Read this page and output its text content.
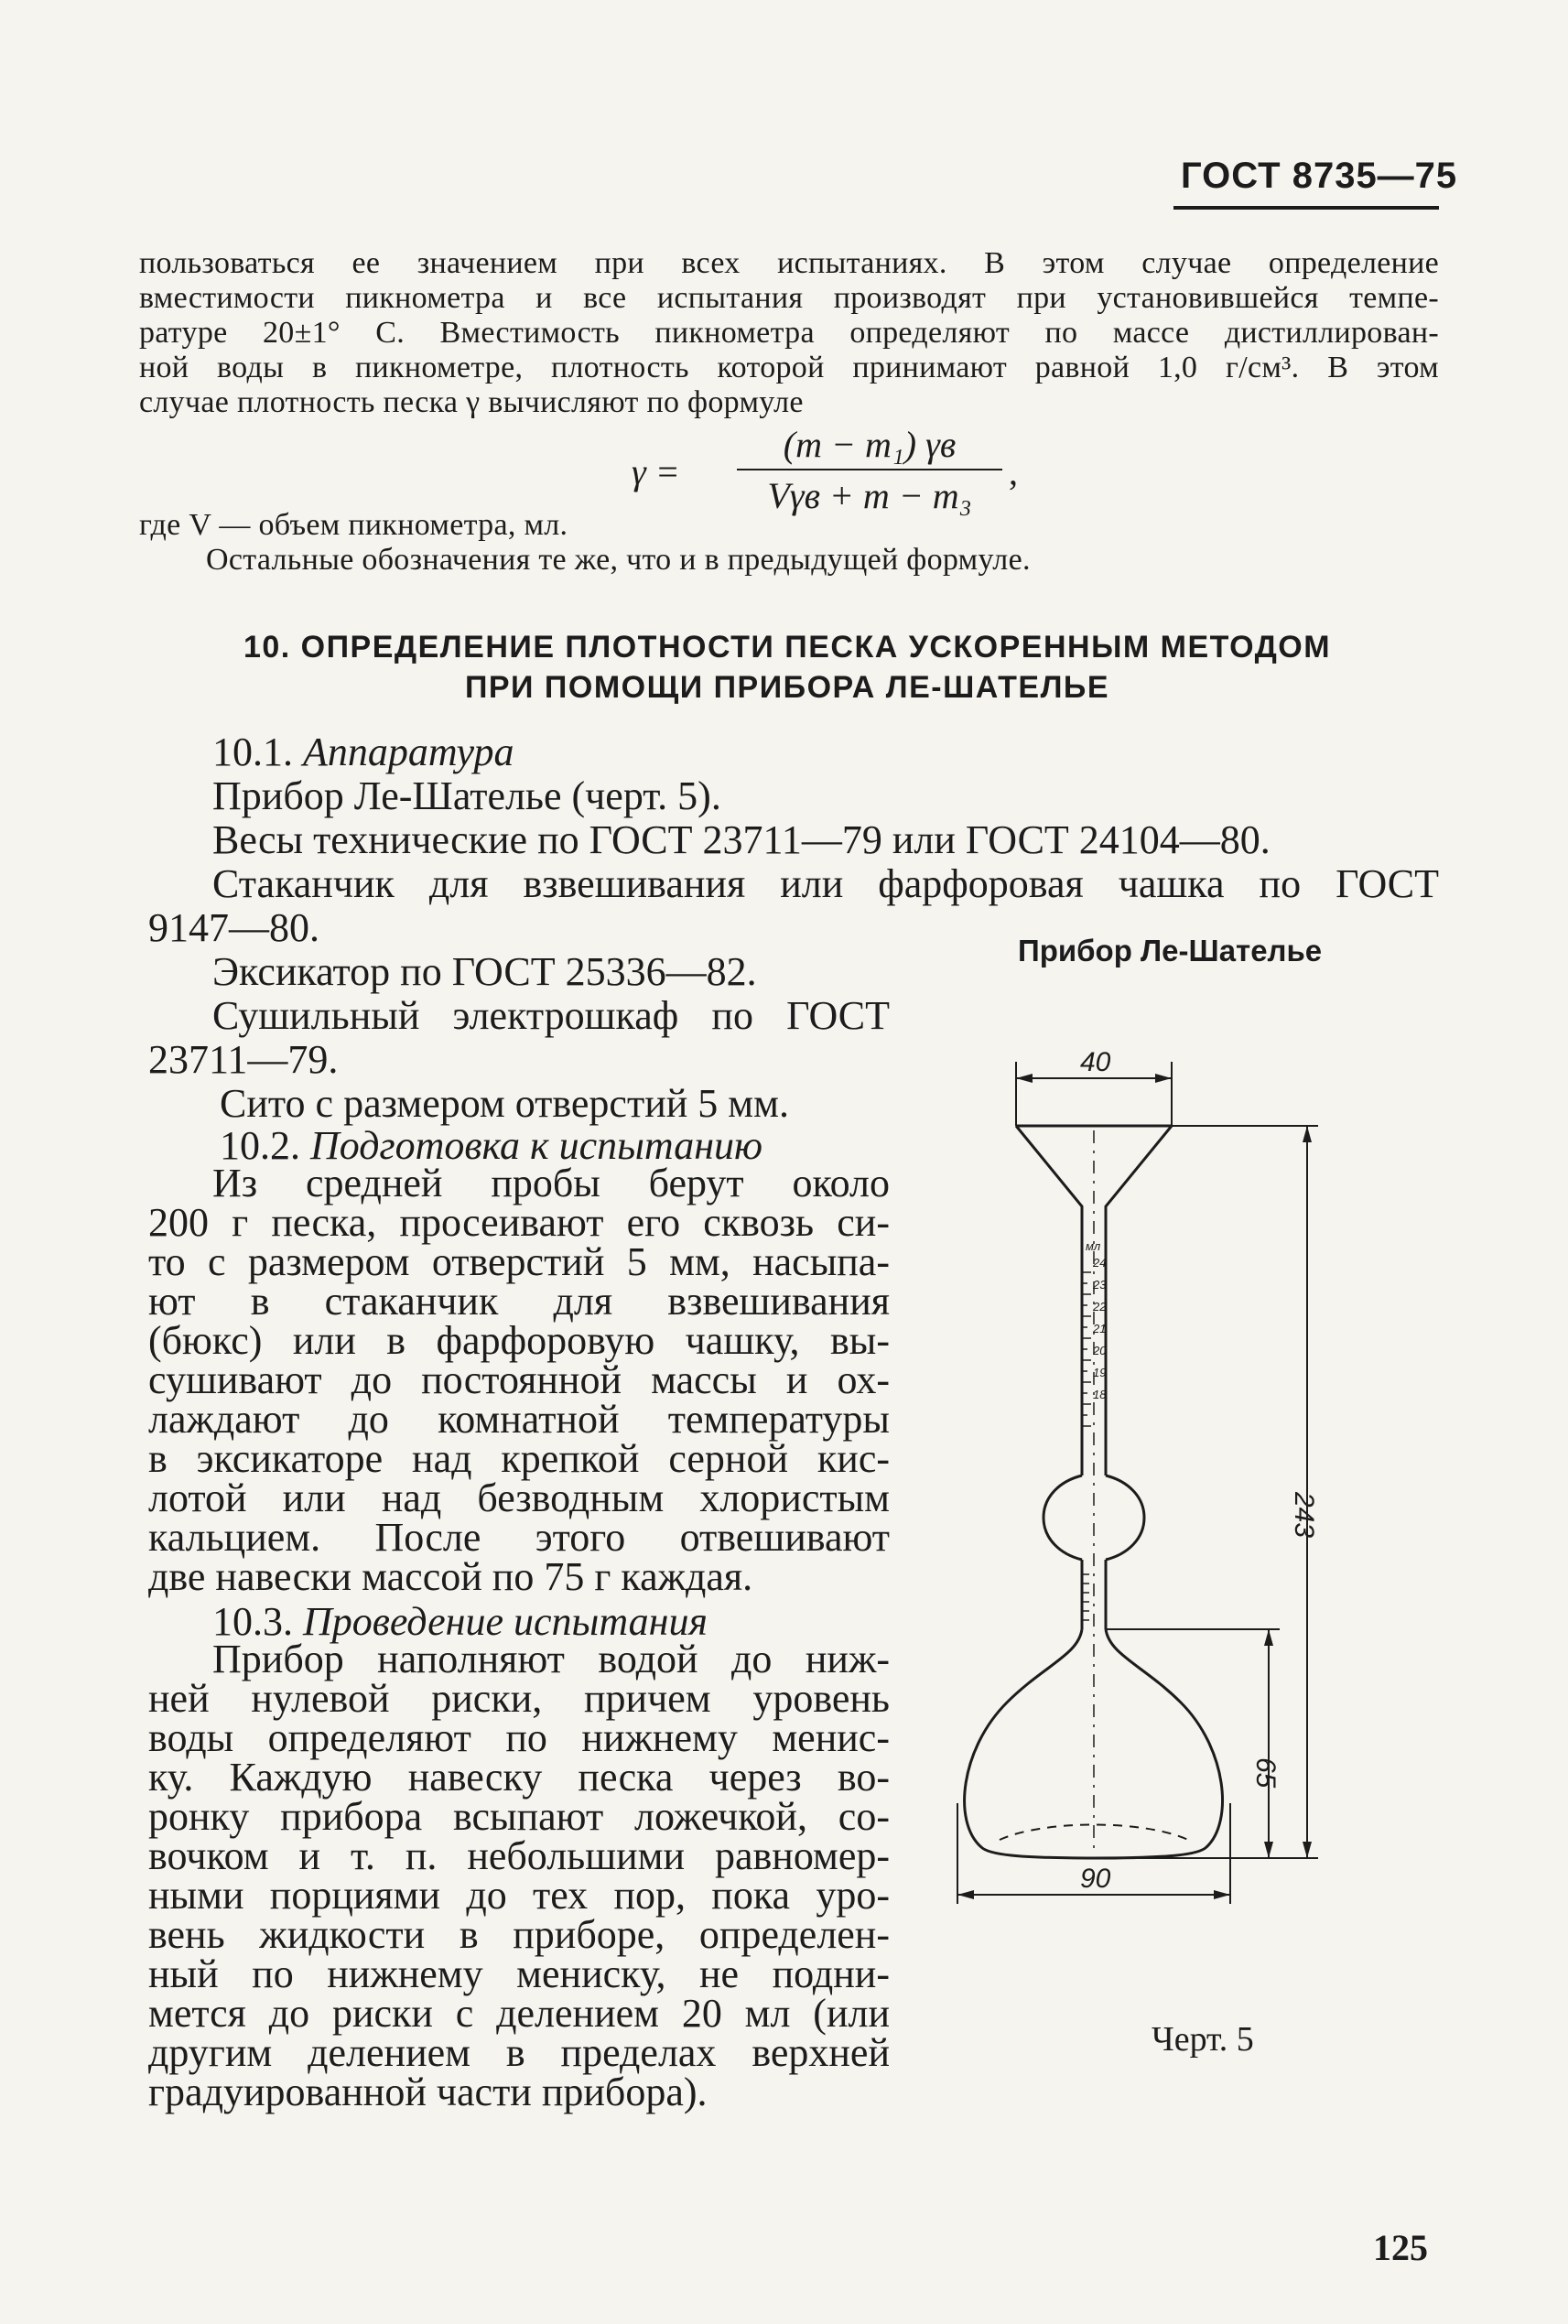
ГОСТ 8735—75
пользоваться ее значением при всех испытаниях. В этом случае определение
вместимости пикнометра и все испытания производят при установившейся темпе-
ратуре 20±1° С. Вместимость пикнометра определяют по массе дистиллирован-
ной воды в пикнометре, плотность которой принимают равной 1,0 г/см³. В этом
случае плотность песка γ вычисляют по формуле
γ =
(m − m₁) γв
Vγв + m − m₃
,
где V — объем пикнометра, мл.
Остальные обозначения те же, что и в предыдущей формуле.
10. ОПРЕДЕЛЕНИЕ ПЛОТНОСТИ ПЕСКА УСКОРЕННЫМ МЕТОДОМ
ПРИ ПОМОЩИ ПРИБОРА ЛЕ-ШАТЕЛЬЕ
10.1. Аппаратура
Прибор Ле-Шателье (черт. 5).
Весы технические по ГОСТ 23711—79 или ГОСТ 24104—80.
Стаканчик для взвешивания или фарфоровая чашка по ГОСТ
9147—80.
Эксикатор по ГОСТ 25336—82.
Сушильный электрошкаф по ГОСТ
23711—79.
Сито с размером отверстий 5 мм.
10.2. Подготовка к испытанию
Из средней пробы берут около
200 г песка, просеивают его сквозь си-
то с размером отверстий 5 мм, насыпа-
ют в стаканчик для взвешивания
(бюкс) или в фарфоровую чашку, вы-
сушивают до постоянной массы и ох-
лаждают до комнатной температуры
в эксикаторе над крепкой серной кис-
лотой или над безводным хлористым
кальцием. После этого отвешивают
две навески массой по 75 г каждая.
10.3. Проведение испытания
Прибор наполняют водой до ниж-
ней нулевой риски, причем уровень
воды определяют по нижнему менис-
ку. Каждую навеску песка через во-
ронку прибора всыпают ложечкой, со-
вочком и т. п. небольшими равномер-
ными порциями до тех пор, пока уро-
вень жидкости в приборе, определен-
ный по нижнему мениску, не подни-
мется до риски с делением 20 мл (или
другим делением в пределах верхней
градуированной части прибора).
Прибор Ле-Шателье
40
мл
24
23
22
21
20
19
18
243
65
90
Черт. 5
125
